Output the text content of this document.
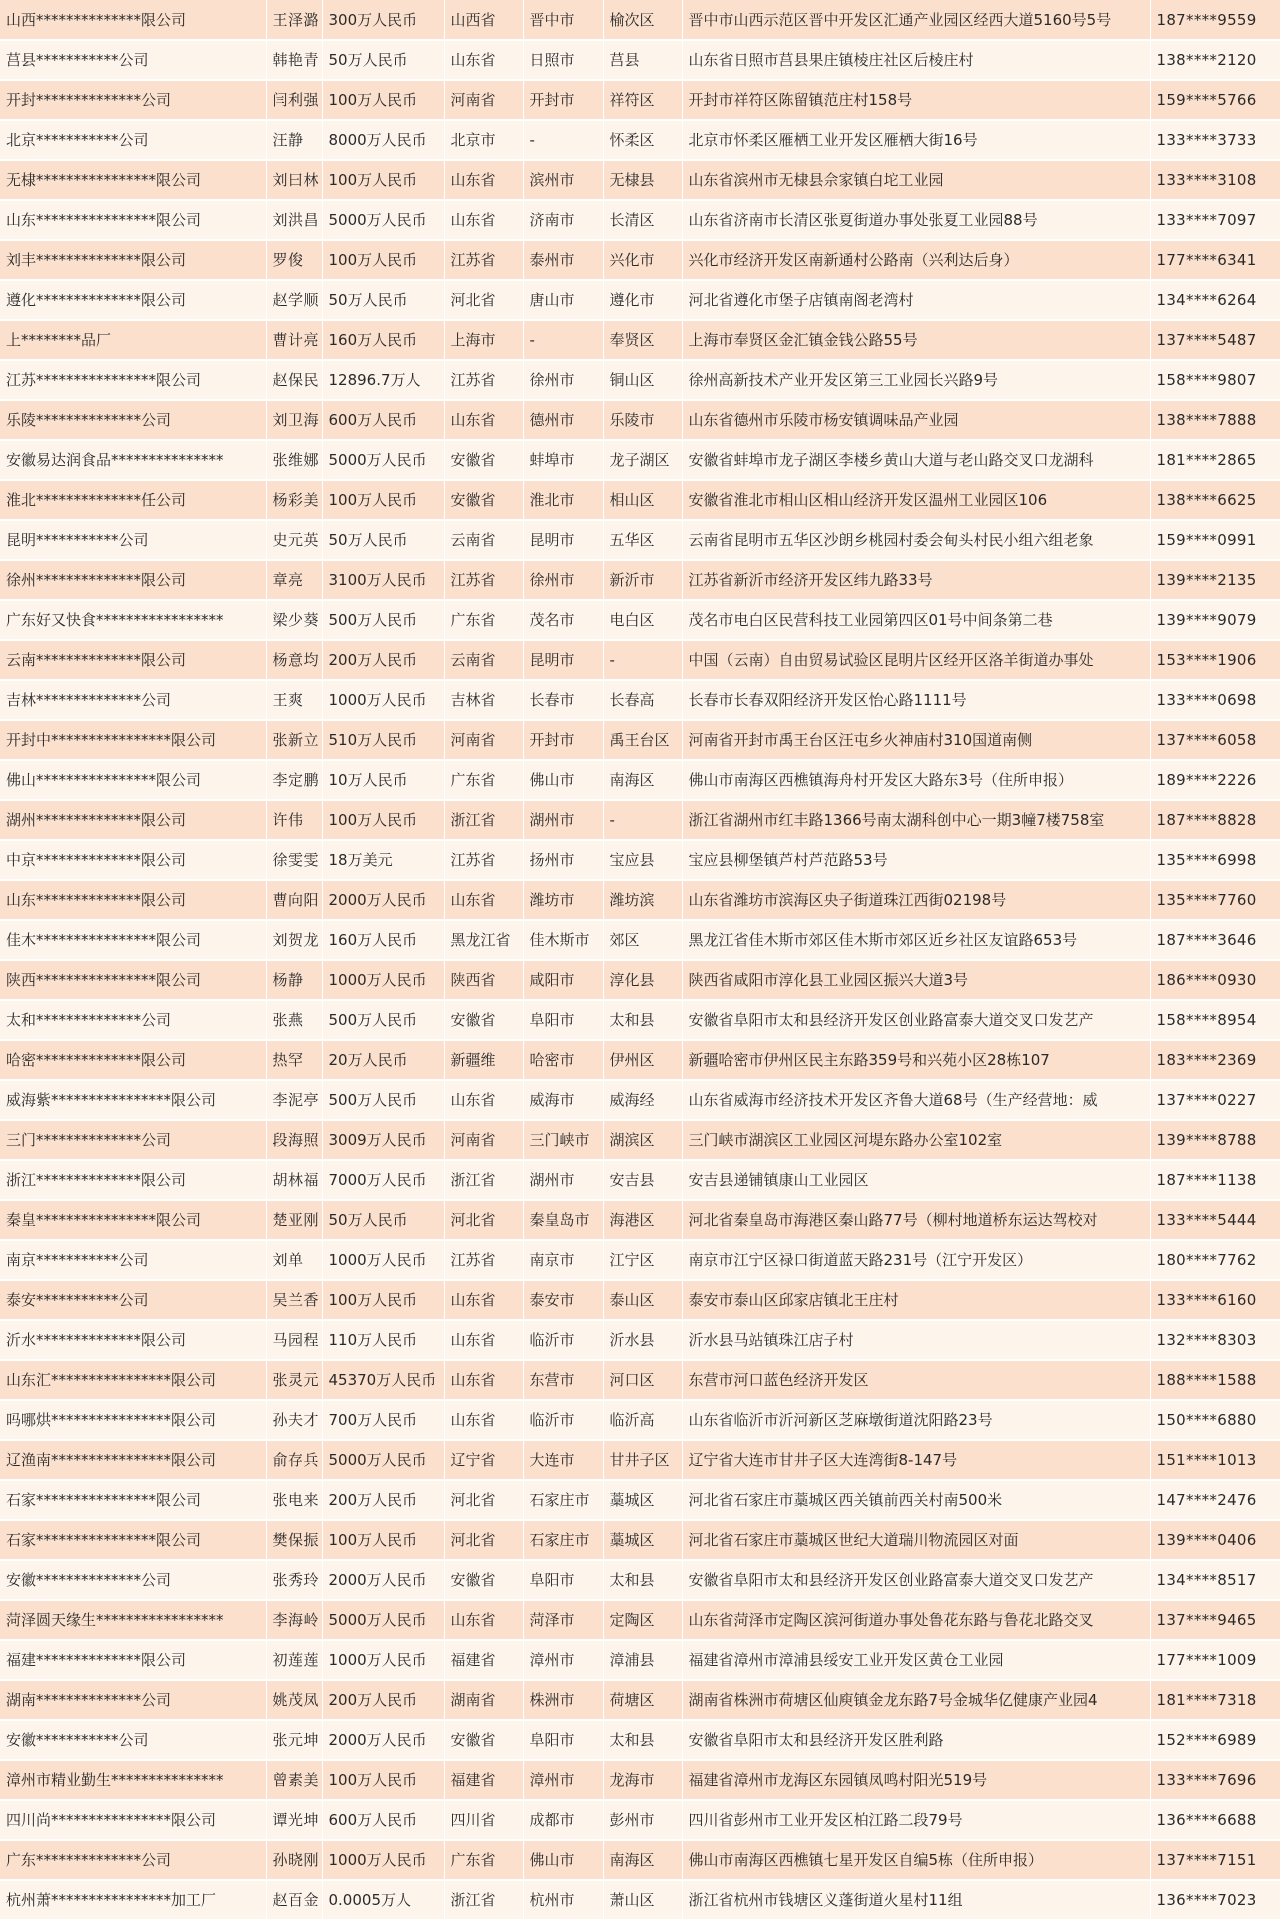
山西**************限公司	王泽潞	300万人民币	山西省	晋中市	榆次区	晋中市山西示范区晋中开发区汇通产业园区经西大道5160号5号	187****9559
莒县***********公司	韩艳青	50万人民币	山东省	日照市	莒县	山东省日照市莒县果庄镇棱庄社区后棱庄村	138****2120
开封**************公司	闫利强	100万人民币	河南省	开封市	祥符区	开封市祥符区陈留镇范庄村158号	159****5766
北京***********公司	汪静	8000万人民币	北京市	-	怀柔区	北京市怀柔区雁栖工业开发区雁栖大街16号	133****3733
无棣****************限公司	刘曰林	100万人民币	山东省	滨州市	无棣县	山东省滨州市无棣县佘家镇白坨工业园	133****3108
山东****************限公司	刘洪昌	5000万人民币	山东省	济南市	长清区	山东省济南市长清区张夏街道办事处张夏工业园88号	133****7097
刘丰**************限公司	罗俊	100万人民币	江苏省	泰州市	兴化市	兴化市经济开发区南新通村公路南（兴利达后身）	177****6341
遵化**************限公司	赵学顺	50万人民币	河北省	唐山市	遵化市	河北省遵化市堡子店镇南阁老湾村	134****6264
上********品厂	曹计亮	160万人民币	上海市	-	奉贤区	上海市奉贤区金汇镇金钱公路55号	137****5487
江苏****************限公司	赵保民	12896.7万人	江苏省	徐州市	铜山区	徐州高新技术产业开发区第三工业园长兴路9号	158****9807
乐陵**************公司	刘卫海	600万人民币	山东省	德州市	乐陵市	山东省德州市乐陵市杨安镇调味品产业园	138****7888
安徽易达润食品***************	张维娜	5000万人民币	安徽省	蚌埠市	龙子湖区	安徽省蚌埠市龙子湖区李楼乡黄山大道与老山路交叉口龙湖科	181****2865
淮北**************任公司	杨彩美	100万人民币	安徽省	淮北市	相山区	安徽省淮北市相山区相山经济开发区温州工业园区106	138****6625
昆明***********公司	史元英	50万人民币	云南省	昆明市	五华区	云南省昆明市五华区沙朗乡桃园村委会甸头村民小组六组老象	159****0991
徐州**************限公司	章亮	3100万人民币	江苏省	徐州市	新沂市	江苏省新沂市经济开发区纬九路33号	139****2135
广东好又快食*****************	梁少葵	500万人民币	广东省	茂名市	电白区	茂名市电白区民营科技工业园第四区01号中间条第二巷	139****9079
云南**************限公司	杨意均	200万人民币	云南省	昆明市	-	中国（云南）自由贸易试验区昆明片区经开区洛羊街道办事处	153****1906
吉林**************公司	王爽	1000万人民币	吉林省	长春市	长春高	长春市长春双阳经济开发区怡心路1111号	133****0698
开封中****************限公司	张新立	510万人民币	河南省	开封市	禹王台区	河南省开封市禹王台区汪屯乡火神庙村310国道南侧	137****6058
佛山****************限公司	李定鹏	10万人民币	广东省	佛山市	南海区	佛山市南海区西樵镇海舟村开发区大路东3号（住所申报）	189****2226
湖州**************限公司	许伟	100万人民币	浙江省	湖州市	-	浙江省湖州市红丰路1366号南太湖科创中心一期3幢7楼758室	187****8828
中京**************限公司	徐雯雯	18万美元	江苏省	扬州市	宝应县	宝应县柳堡镇芦村芦范路53号	135****6998
山东**************限公司	曹向阳	2000万人民币	山东省	潍坊市	潍坊滨	山东省潍坊市滨海区央子街道珠江西街02198号	135****7760
佳木****************限公司	刘贺龙	160万人民币	黑龙江省	佳木斯市	郊区	黑龙江省佳木斯市郊区佳木斯市郊区近乡社区友谊路653号	187****3646
陕西****************限公司	杨静	1000万人民币	陕西省	咸阳市	淳化县	陕西省咸阳市淳化县工业园区振兴大道3号	186****0930
太和**************公司	张燕	500万人民币	安徽省	阜阳市	太和县	安徽省阜阳市太和县经济开发区创业路富泰大道交叉口发艺产	158****8954
哈密**************限公司	热罕	20万人民币	新疆维	哈密市	伊州区	新疆哈密市伊州区民主东路359号和兴苑小区28栋107	183****2369
威海紫****************限公司	李泥亭	500万人民币	山东省	威海市	威海经	山东省威海市经济技术开发区齐鲁大道68号（生产经营地：威	137****0227
三门**************公司	段海照	3009万人民币	河南省	三门峡市	湖滨区	三门峡市湖滨区工业园区河堤东路办公室102室	139****8788
浙江**************限公司	胡林福	7000万人民币	浙江省	湖州市	安吉县	安吉县递铺镇康山工业园区	187****1138
秦皇****************限公司	楚亚刚	50万人民币	河北省	秦皇岛市	海港区	河北省秦皇岛市海港区秦山路77号（柳村地道桥东运达驾校对	133****5444
南京***********公司	刘单	1000万人民币	江苏省	南京市	江宁区	南京市江宁区禄口街道蓝天路231号（江宁开发区）	180****7762
泰安***********公司	吴兰香	100万人民币	山东省	泰安市	泰山区	泰安市泰山区邱家店镇北王庄村	133****6160
沂水**************限公司	马园程	110万人民币	山东省	临沂市	沂水县	沂水县马站镇珠江店子村	132****8303
山东汇****************限公司	张灵元	45370万人民币	山东省	东营市	河口区	东营市河口蓝色经济开发区	188****1588
吗哪烘****************限公司	孙夫才	700万人民币	山东省	临沂市	临沂高	山东省临沂市沂河新区芝麻墩街道沈阳路23号	150****6880
辽渔南****************限公司	俞存兵	5000万人民币	辽宁省	大连市	甘井子区	辽宁省大连市甘井子区大连湾街8-147号	151****1013
石家****************限公司	张电来	200万人民币	河北省	石家庄市	藁城区	河北省石家庄市藁城区西关镇前西关村南500米	147****2476
石家****************限公司	樊保振	100万人民币	河北省	石家庄市	藁城区	河北省石家庄市藁城区世纪大道瑞川物流园区对面	139****0406
安徽**************公司	张秀玲	2000万人民币	安徽省	阜阳市	太和县	安徽省阜阳市太和县经济开发区创业路富泰大道交叉口发艺产	134****8517
菏泽圆天缘生*****************	李海岭	5000万人民币	山东省	菏泽市	定陶区	山东省菏泽市定陶区滨河街道办事处鲁花东路与鲁花北路交叉	137****9465
福建**************限公司	初莲莲	1000万人民币	福建省	漳州市	漳浦县	福建省漳州市漳浦县绥安工业开发区黄仓工业园	177****1009
湖南**************公司	姚茂凤	200万人民币	湖南省	株洲市	荷塘区	湖南省株洲市荷塘区仙庾镇金龙东路7号金城华亿健康产业园4	181****7318
安徽***********公司	张元坤	2000万人民币	安徽省	阜阳市	太和县	安徽省阜阳市太和县经济开发区胜利路	152****6989
漳州市精业勤生***************	曾素美	100万人民币	福建省	漳州市	龙海市	福建省漳州市龙海区东园镇凤鸣村阳光519号	133****7696
四川尚****************限公司	谭光坤	600万人民币	四川省	成都市	彭州市	四川省彭州市工业开发区柏江路二段79号	136****6688
广东**************公司	孙晓刚	1000万人民币	广东省	佛山市	南海区	佛山市南海区西樵镇七星开发区自编5栋（住所申报）	137****7151
杭州萧****************加工厂	赵百金	0.0005万人	浙江省	杭州市	萧山区	浙江省杭州市钱塘区义蓬街道火星村11组	136****7023
